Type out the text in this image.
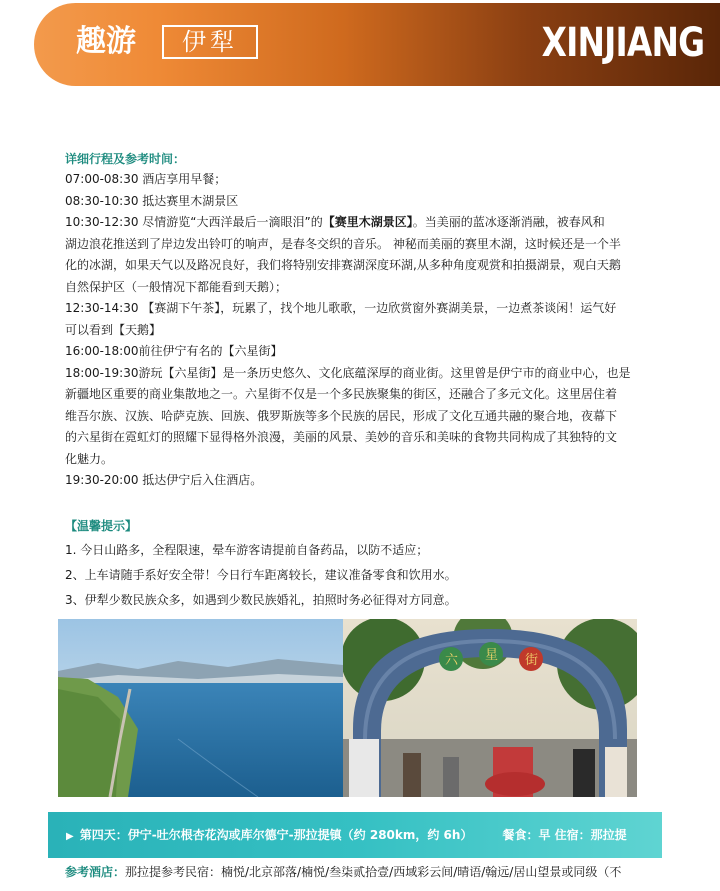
趣游	伊犁	XINJIANG
详细行程及参考时间：
07:00-08:30 酒店享用早餐；
08:30-10:30 抵达赛里木湖景区
10:30-12:30 尽情游览“大西洋最后一滴眼泪”的【赛里木湖景区】。当美丽的蓝冰逐渐消融，被春风和
湖边浪花推送到了岸边发出铃叮的响声，是春冬交织的音乐。 神秘而美丽的赛里木湖，这时候还是一个半
化的冰湖，如果天气以及路况良好，我们将特别安排赛湖深度环湖,从多种角度观赏和拍摄湖景，观白天鹅
自然保护区（一般情况下都能看到天鹅）；
12:30-14:30 【赛湖下午茶】，玩累了，找个地儿歌歌，一边欣赏窗外赛湖美景，一边煮茶谈闲！运气好
可以看到【天鹅】
16:00-18:00前往伊宁有名的【六星街】
18:00-19:30游玩【六星街】是一条历史悠久、文化底蕴深厚的商业街。这里曾是伊宁市的商业中心，也是
新疆地区重要的商业集散地之一。六星街不仅是一个多民族聚集的街区，还融合了多元文化。这里居住着
维吾尔族、汉族、哈萨克族、回族、俄罗斯族等多个民族的居民，形成了文化互通共融的聚合地，夜幕下
的六星街在霓虹灯的照耀下显得格外浪漫，美丽的风景、美妙的音乐和美味的食物共同构成了其独特的文
化魅力。
19:30-20:00 抵达伊宁后入住酒店。
【温馨提示】
1. 今日山路多，全程限速，晕车游客请提前自备药品，以防不适应；
2、上车请随手系好安全带！今日行车距离较长，建议准备零食和饮用水。
3、伊犁少数民族众多，如遇到少数民族婚礼，拍照时务必征得对方同意。
六 星 街
▶ 第四天：伊宁-吐尔根杏花沟或库尔德宁-那拉提镇（约 280km，约 6h）	餐食：早 住宿：那拉提
参考酒店：那拉提参考民宿：楠悦/北京部落/楠悦/叁柒贰拾壹/西域彩云间/晴语/翰远/居山望景或同级（不
